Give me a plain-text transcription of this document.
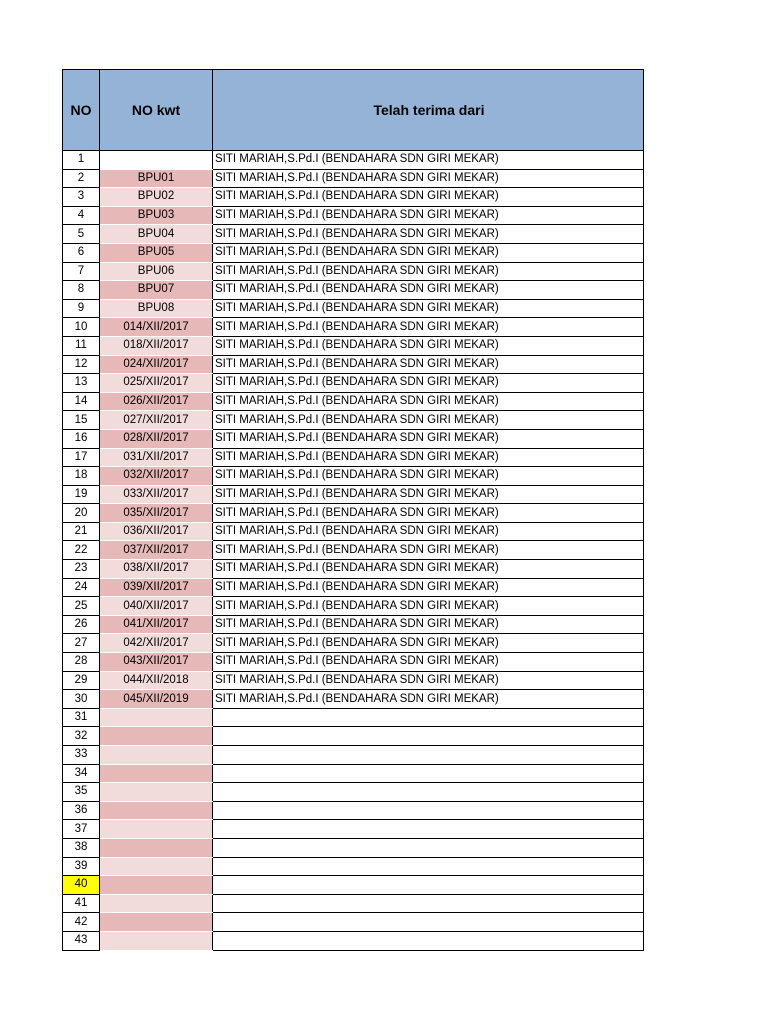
NO	NO kwt	Telah terima dari
1		SITI MARIAH,S.Pd.I (BENDAHARA SDN GIRI MEKAR)
2	BPU01	SITI MARIAH,S.Pd.I (BENDAHARA SDN GIRI MEKAR)
3	BPU02	SITI MARIAH,S.Pd.I (BENDAHARA SDN GIRI MEKAR)
4	BPU03	SITI MARIAH,S.Pd.I (BENDAHARA SDN GIRI MEKAR)
5	BPU04	SITI MARIAH,S.Pd.I (BENDAHARA SDN GIRI MEKAR)
6	BPU05	SITI MARIAH,S.Pd.I (BENDAHARA SDN GIRI MEKAR)
7	BPU06	SITI MARIAH,S.Pd.I (BENDAHARA SDN GIRI MEKAR)
8	BPU07	SITI MARIAH,S.Pd.I (BENDAHARA SDN GIRI MEKAR)
9	BPU08	SITI MARIAH,S.Pd.I (BENDAHARA SDN GIRI MEKAR)
10	014/XII/2017	SITI MARIAH,S.Pd.I (BENDAHARA SDN GIRI MEKAR)
11	018/XII/2017	SITI MARIAH,S.Pd.I (BENDAHARA SDN GIRI MEKAR)
12	024/XII/2017	SITI MARIAH,S.Pd.I (BENDAHARA SDN GIRI MEKAR)
13	025/XII/2017	SITI MARIAH,S.Pd.I (BENDAHARA SDN GIRI MEKAR)
14	026/XII/2017	SITI MARIAH,S.Pd.I (BENDAHARA SDN GIRI MEKAR)
15	027/XII/2017	SITI MARIAH,S.Pd.I (BENDAHARA SDN GIRI MEKAR)
16	028/XII/2017	SITI MARIAH,S.Pd.I (BENDAHARA SDN GIRI MEKAR)
17	031/XII/2017	SITI MARIAH,S.Pd.I (BENDAHARA SDN GIRI MEKAR)
18	032/XII/2017	SITI MARIAH,S.Pd.I (BENDAHARA SDN GIRI MEKAR)
19	033/XII/2017	SITI MARIAH,S.Pd.I (BENDAHARA SDN GIRI MEKAR)
20	035/XII/2017	SITI MARIAH,S.Pd.I (BENDAHARA SDN GIRI MEKAR)
21	036/XII/2017	SITI MARIAH,S.Pd.I (BENDAHARA SDN GIRI MEKAR)
22	037/XII/2017	SITI MARIAH,S.Pd.I (BENDAHARA SDN GIRI MEKAR)
23	038/XII/2017	SITI MARIAH,S.Pd.I (BENDAHARA SDN GIRI MEKAR)
24	039/XII/2017	SITI MARIAH,S.Pd.I (BENDAHARA SDN GIRI MEKAR)
25	040/XII/2017	SITI MARIAH,S.Pd.I (BENDAHARA SDN GIRI MEKAR)
26	041/XII/2017	SITI MARIAH,S.Pd.I (BENDAHARA SDN GIRI MEKAR)
27	042/XII/2017	SITI MARIAH,S.Pd.I (BENDAHARA SDN GIRI MEKAR)
28	043/XII/2017	SITI MARIAH,S.Pd.I (BENDAHARA SDN GIRI MEKAR)
29	044/XII/2018	SITI MARIAH,S.Pd.I (BENDAHARA SDN GIRI MEKAR)
30	045/XII/2019	SITI MARIAH,S.Pd.I (BENDAHARA SDN GIRI MEKAR)
31		
32		
33		
34		
35		
36		
37		
38		
39		
40		
41		
42		
43		
